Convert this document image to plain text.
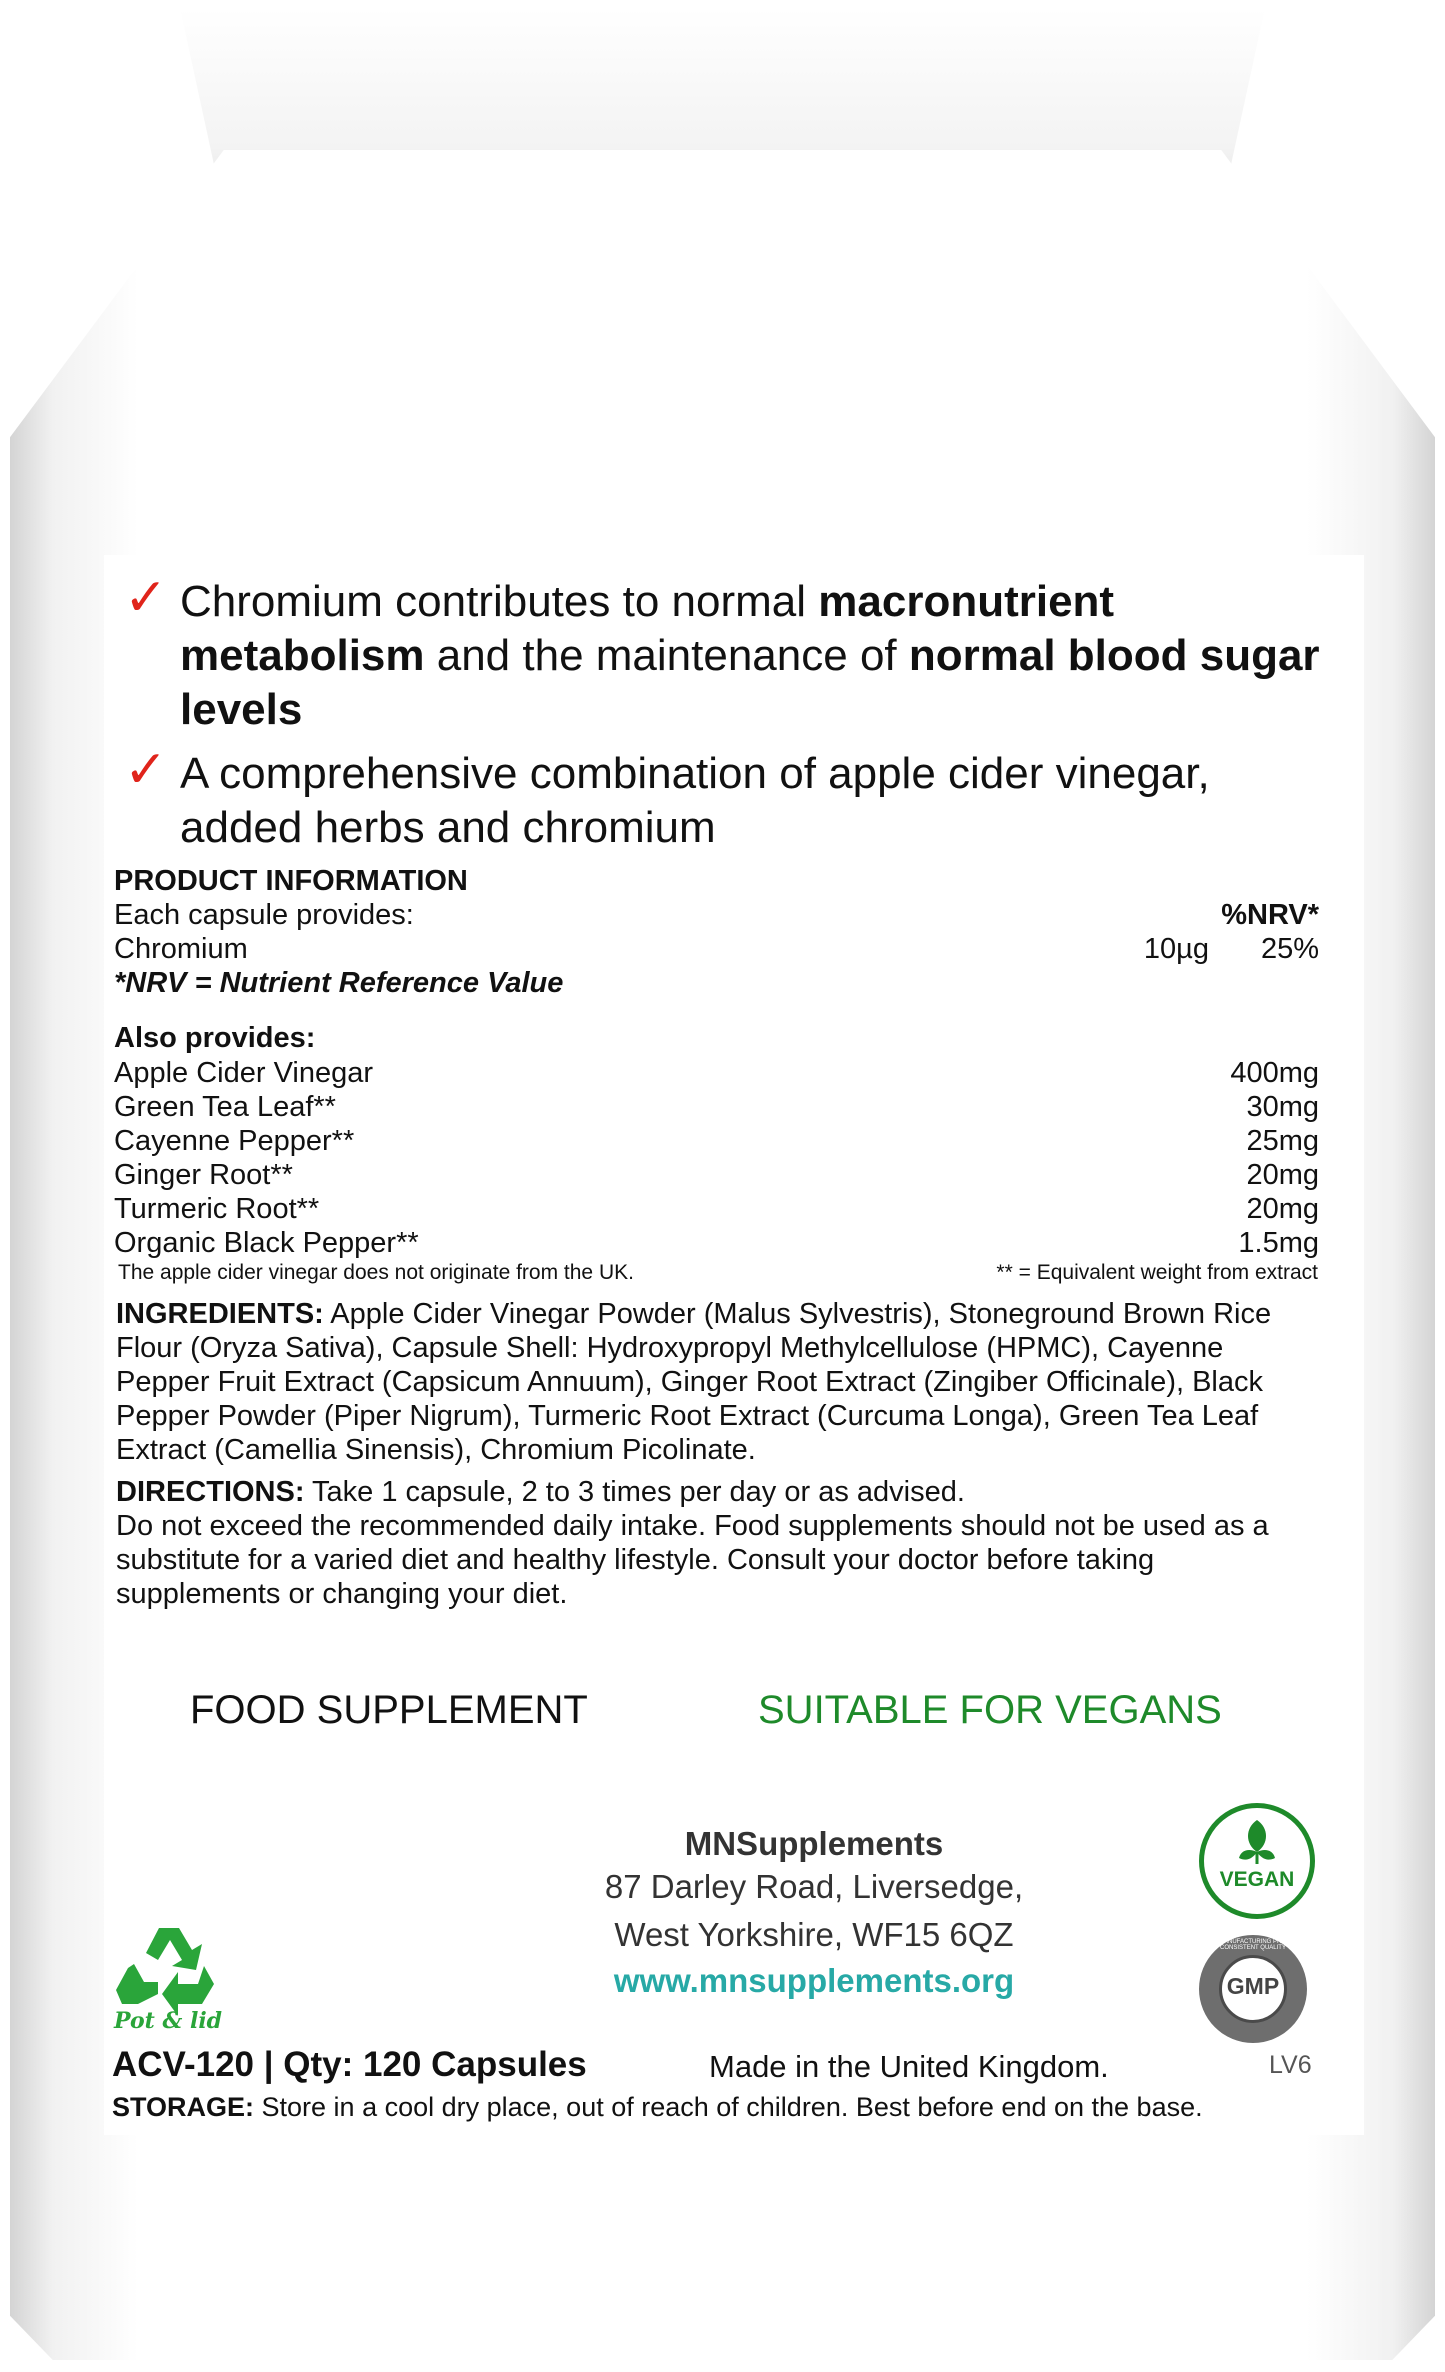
✓ Chromium contributes to normal macronutrient metabolism and the maintenance of normal blood sugar levels
✓ A comprehensive combination of apple cider vinegar, added herbs and chromium
PRODUCT INFORMATION
Each capsule provides:	%NRV*
Chromium	10µg 25%
*NRV = Nutrient Reference Value
Also provides:
Apple Cider Vinegar	400mg
Green Tea Leaf**	30mg
Cayenne Pepper**	25mg
Ginger Root**	20mg
Turmeric Root**	20mg
Organic Black Pepper**	1.5mg
The apple cider vinegar does not originate from the UK.	** = Equivalent weight from extract
INGREDIENTS: Apple Cider Vinegar Powder (Malus Sylvestris), Stoneground Brown Rice Flour (Oryza Sativa), Capsule Shell: Hydroxypropyl Methylcellulose (HPMC), Cayenne Pepper Fruit Extract (Capsicum Annuum), Ginger Root Extract (Zingiber Officinale), Black Pepper Powder (Piper Nigrum), Turmeric Root Extract (Curcuma Longa), Green Tea Leaf Extract (Camellia Sinensis), Chromium Picolinate.
DIRECTIONS: Take 1 capsule, 2 to 3 times per day or as advised.
Do not exceed the recommended daily intake. Food supplements should not be used as a substitute for a varied diet and healthy lifestyle. Consult your doctor before taking supplements or changing your diet.
FOOD SUPPLEMENT	SUITABLE FOR VEGANS
MNSupplements
87 Darley Road, Liversedge,
West Yorkshire, WF15 6QZ
www.mnsupplements.org
Pot & lid
VEGAN
GMP
GOOD MANUFACTURING PRACTICE · CONSISTENT QUALITY
ACV-120 | Qty: 120 Capsules	Made in the United Kingdom.	LV6
STORAGE: Store in a cool dry place, out of reach of children. Best before end on the base.
